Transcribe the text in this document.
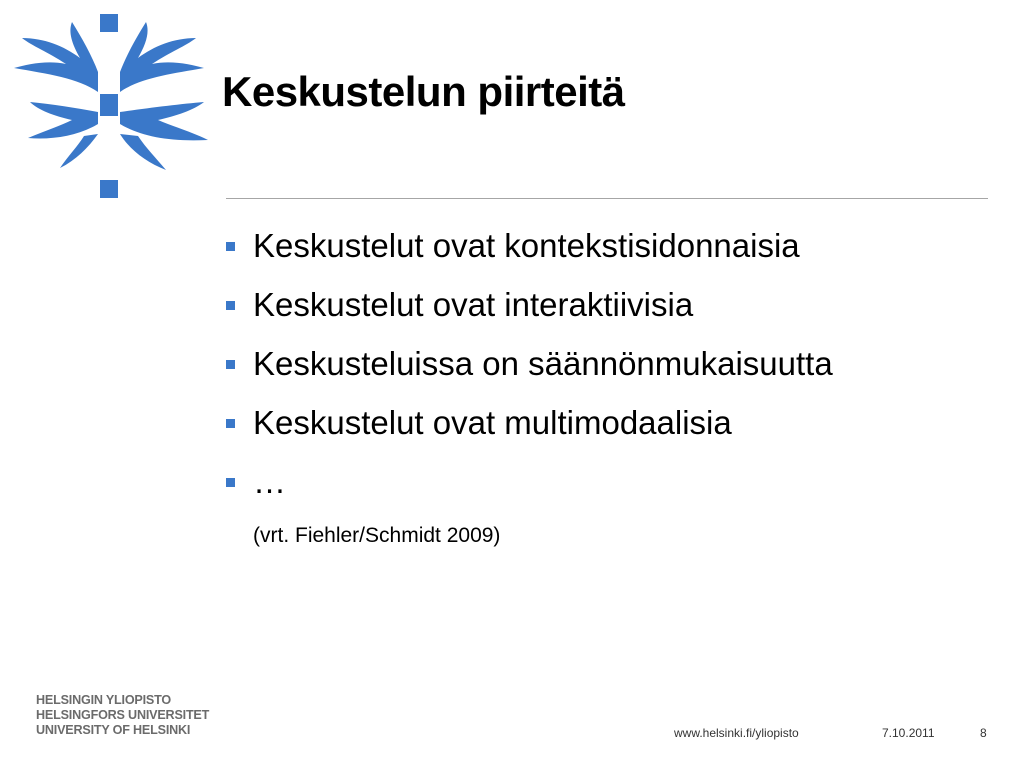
Keskustelun piirteitä
Keskustelut ovat kontekstisidonnaisia
Keskustelut ovat interaktiivisia
Keskusteluissa on säännönmukaisuutta
Keskustelut ovat multimodaalisia
…
(vrt. Fiehler/Schmidt 2009)
HELSINGIN YLIOPISTO
HELSINGFORS UNIVERSITET
UNIVERSITY OF HELSINKI	www.helsinki.fi/yliopisto	7.10.2011	8
